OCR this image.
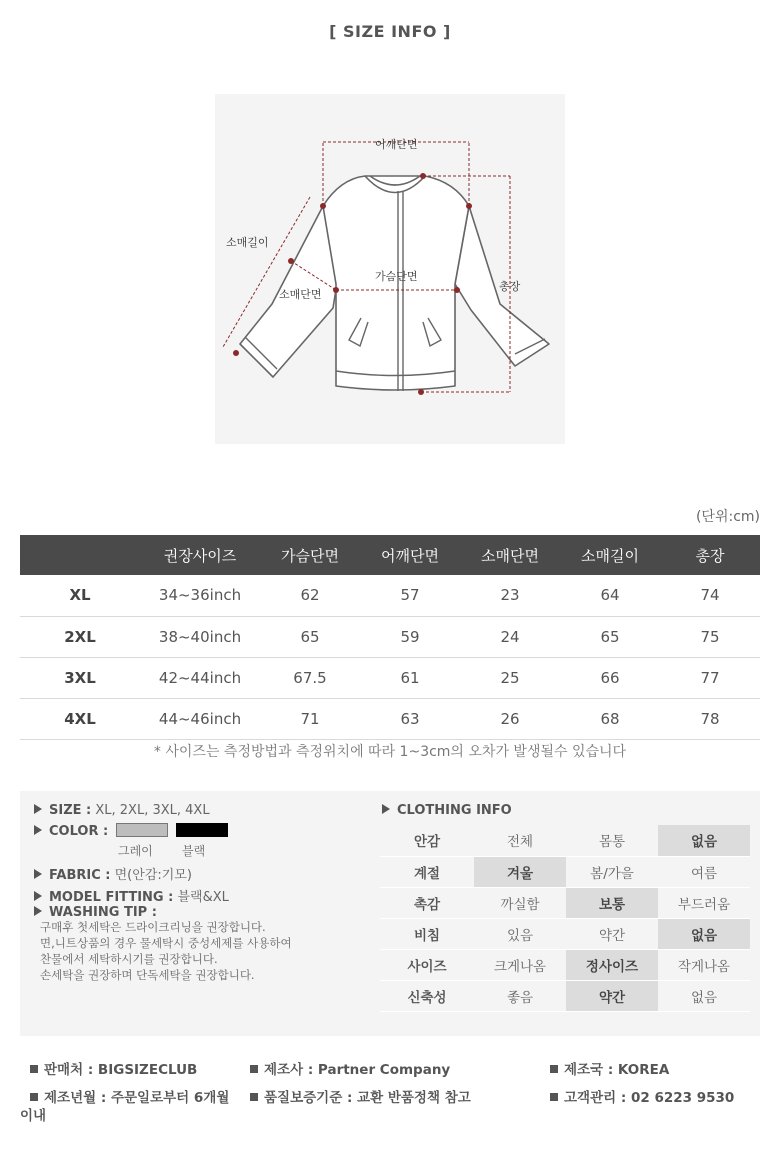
[ SIZE INFO ]
어깨단면
소매길이
가슴단면
소매단면
총장
(단위:cm)
	권장사이즈	가슴단면	어깨단면	소매단면	소매길이	총장
XL	34~36inch	62	57	23	64	74
2XL	38~40inch	65	59	24	65	75
3XL	42~44inch	67.5	61	25	66	77
4XL	44~46inch	71	63	26	68	78
* 사이즈는 측정방법과 측정위치에 따라 1~3cm의 오차가 발생될수 있습니다
SIZE : XL, 2XL, 3XL, 4XL
COLOR :
그레이 블랙
FABRIC : 면(안감:기모)
MODEL FITTING : 블랙&XL
WASHING TIP :
구매후 첫세탁은 드라이크리닝을 권장합니다.
면,니트상품의 경우 물세탁시 중성세제를 사용하여
찬물에서 세탁하시기를 권장합니다.
손세탁을 권장하며 단독세탁을 권장합니다.
CLOTHING INFO
안감	전체	몸통	없음
계절	겨울	봄/가을	여름
촉감	까실함	보통	부드러움
비침	있음	약간	없음
사이즈	크게나옴	정사이즈	작게나옴
신축성	좋음	약간	없음
판매처 : BIGSIZECLUB	제조사 : Partner Company	제조국 : KOREA
제조년월 : 주문일로부터 6개월
이내
품질보증기준 : 교환 반품정책 참고	고객관리 : 02 6223 9530
